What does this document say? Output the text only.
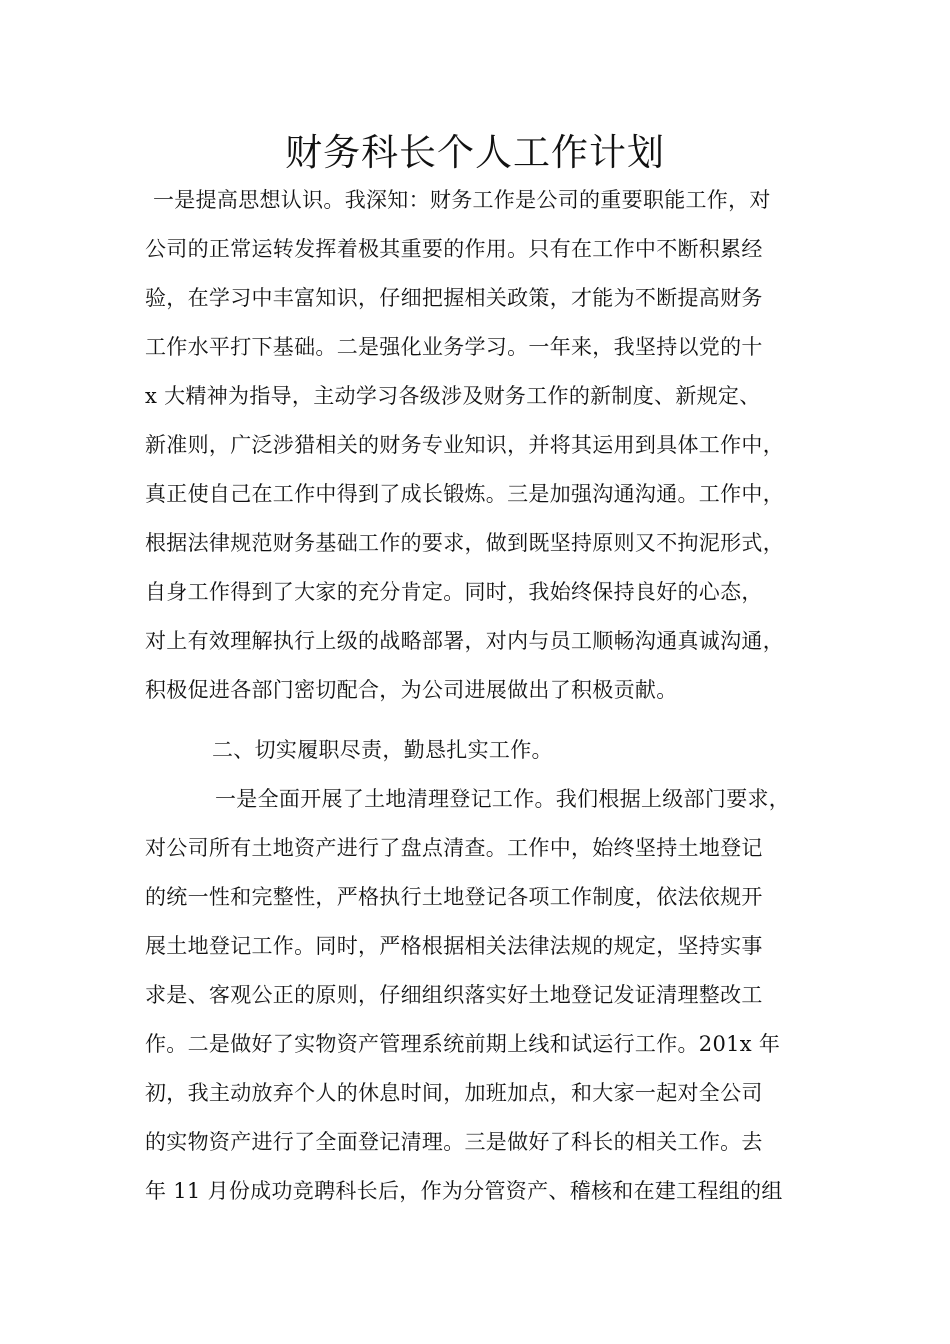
财务科长个人工作计划
一是提高思想认识。我深知：财务工作是公司的重要职能工作，对
公司的正常运转发挥着极其重要的作用。只有在工作中不断积累经
验，在学习中丰富知识，仔细把握相关政策，才能为不断提高财务
工作水平打下基础。二是强化业务学习。一年来，我坚持以党的十
x 大精神为指导，主动学习各级涉及财务工作的新制度、新规定、
新准则，广泛涉猎相关的财务专业知识，并将其运用到具体工作中，
真正使自己在工作中得到了成长锻炼。三是加强沟通沟通。工作中，
根据法律规范财务基础工作的要求，做到既坚持原则又不拘泥形式，
自身工作得到了大家的充分肯定。同时，我始终保持良好的心态，
对上有效理解执行上级的战略部署，对内与员工顺畅沟通真诚沟通，
积极促进各部门密切配合，为公司进展做出了积极贡献。
二、切实履职尽责，勤恳扎实工作。
一是全面开展了土地清理登记工作。我们根据上级部门要求，
对公司所有土地资产进行了盘点清查。工作中，始终坚持土地登记
的统一性和完整性，严格执行土地登记各项工作制度，依法依规开
展土地登记工作。同时，严格根据相关法律法规的规定，坚持实事
求是、客观公正的原则，仔细组织落实好土地登记发证清理整改工
作。二是做好了实物资产管理系统前期上线和试运行工作。201x 年
初，我主动放弃个人的休息时间，加班加点，和大家一起对全公司
的实物资产进行了全面登记清理。三是做好了科长的相关工作。去
年 11 月份成功竞聘科长后，作为分管资产、稽核和在建工程组的组
